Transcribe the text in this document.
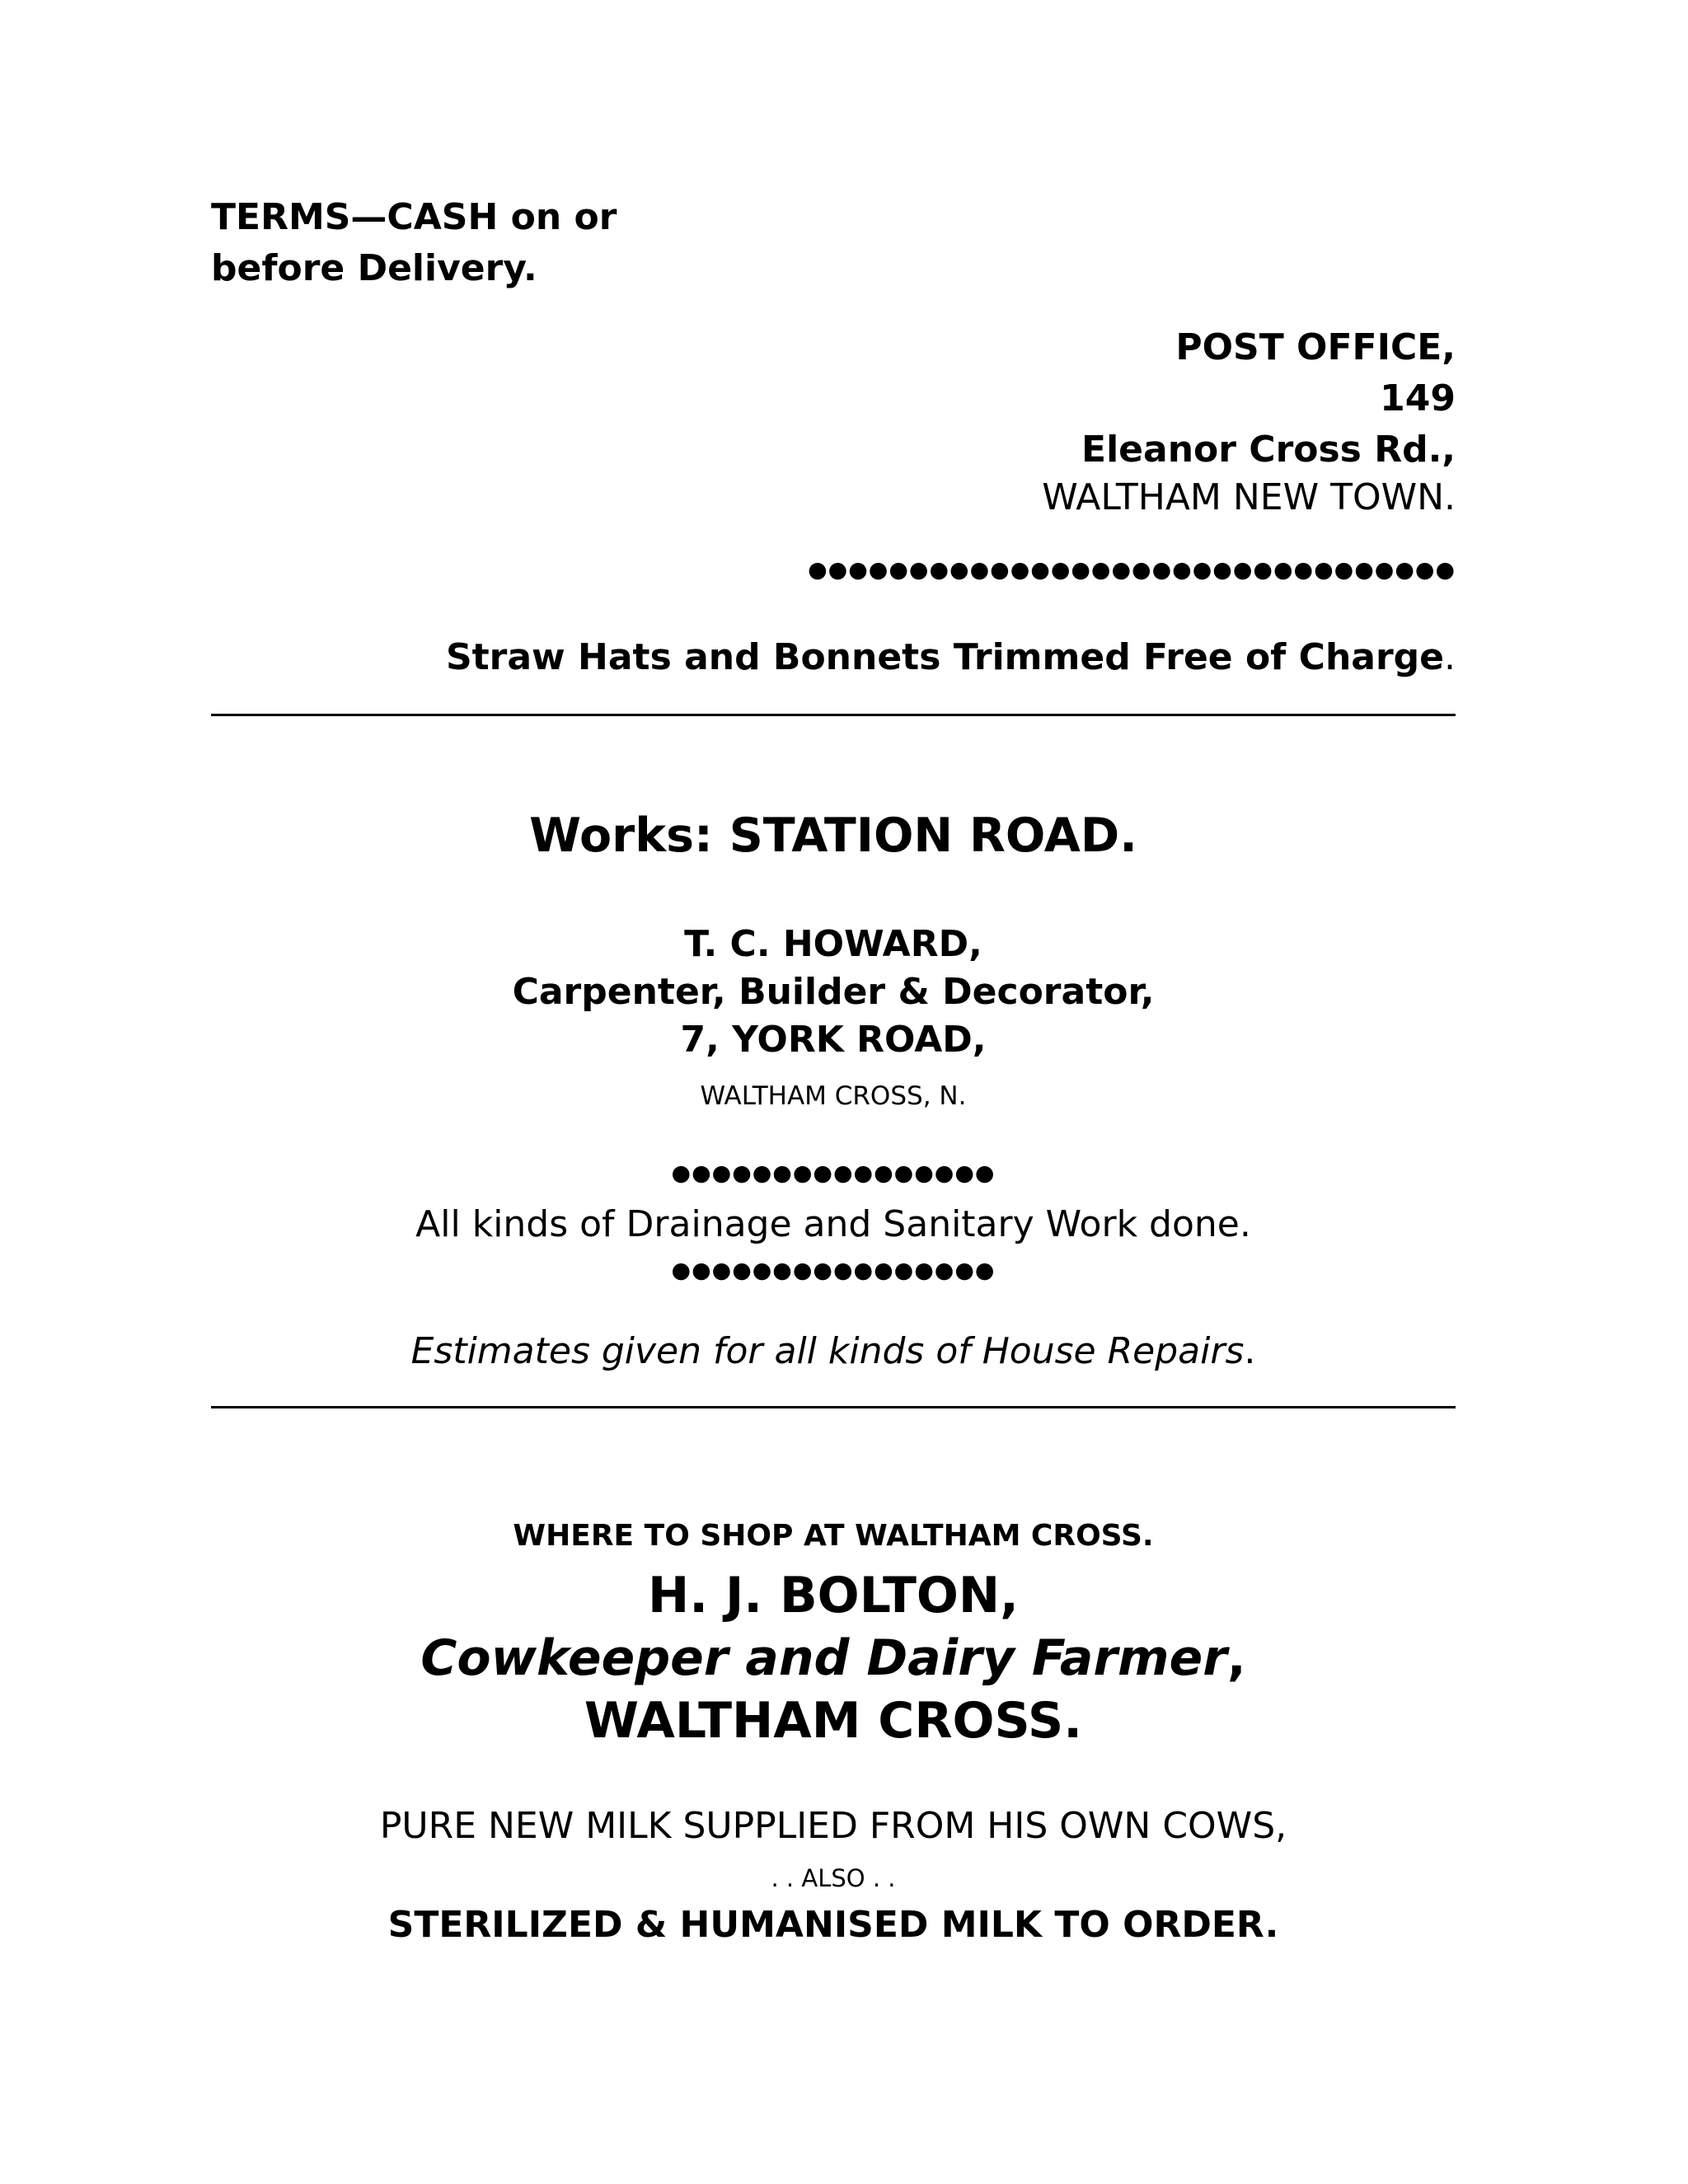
TERMS—CASH on or
before Delivery.
POST OFFICE,
149
Eleanor Cross Rd.,
WALTHAM NEW TOWN.
●●●●●●●●●●●●●●●●●●●●●●●●●●●●●●●●
Straw Hats and Bonnets Trimmed Free of Charge.
Works: STATION ROAD.
T. C. HOWARD,
Carpenter, Builder & Decorator,
7, YORK ROAD,
WALTHAM CROSS, N.
●●●●●●●●●●●●●●●●
All kinds of Drainage and Sanitary Work done.
●●●●●●●●●●●●●●●●
Estimates given for all kinds of House Repairs.
WHERE TO SHOP AT WALTHAM CROSS.
H. J. BOLTON,
Cowkeeper and Dairy Farmer,
WALTHAM CROSS.
PURE NEW MILK SUPPLIED FROM HIS OWN COWS,
. . ALSO . .
STERILIZED & HUMANISED MILK TO ORDER.
